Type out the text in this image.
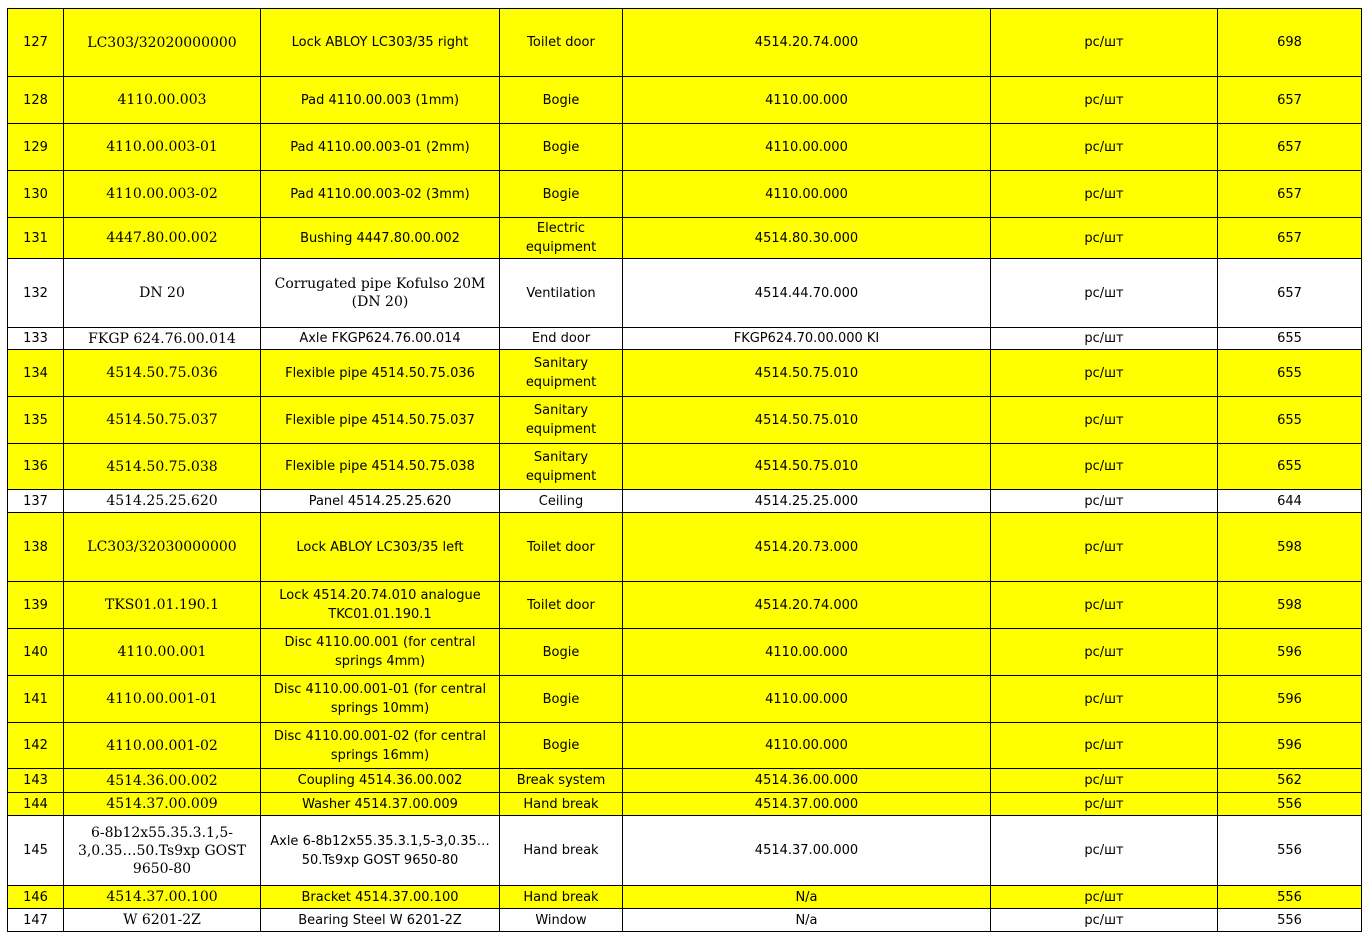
127	LC303/32020000000	Lock ABLOY LC303/35 right	Toilet door	4514.20.74.000	pc/шт	698
128	4110.00.003	Pad 4110.00.003 (1mm)	Bogie	4110.00.000	pc/шт	657
129	4110.00.003-01	Pad 4110.00.003-01 (2mm)	Bogie	4110.00.000	pc/шт	657
130	4110.00.003-02	Pad 4110.00.003-02 (3mm)	Bogie	4110.00.000	pc/шт	657
131	4447.80.00.002	Bushing 4447.80.00.002	Electric equipment	4514.80.30.000	pc/шт	657
132	DN 20	Corrugated pipe Kofulso 20M (DN 20)	Ventilation	4514.44.70.000	pc/шт	657
133	FKGP 624.76.00.014	Axle FKGP624.76.00.014	End door	FKGP624.70.00.000 KI	pc/шт	655
134	4514.50.75.036	Flexible pipe 4514.50.75.036	Sanitary equipment	4514.50.75.010	pc/шт	655
135	4514.50.75.037	Flexible pipe 4514.50.75.037	Sanitary equipment	4514.50.75.010	pc/шт	655
136	4514.50.75.038	Flexible pipe 4514.50.75.038	Sanitary equipment	4514.50.75.010	pc/шт	655
137	4514.25.25.620	Panel 4514.25.25.620	Ceiling	4514.25.25.000	pc/шт	644
138	LC303/32030000000	Lock ABLOY LC303/35 left	Toilet door	4514.20.73.000	pc/шт	598
139	TKS01.01.190.1	Lock 4514.20.74.010 analogue TKC01.01.190.1	Toilet door	4514.20.74.000	pc/шт	598
140	4110.00.001	Disc 4110.00.001 (for central springs 4mm)	Bogie	4110.00.000	pc/шт	596
141	4110.00.001-01	Disc 4110.00.001-01 (for central springs 10mm)	Bogie	4110.00.000	pc/шт	596
142	4110.00.001-02	Disc 4110.00.001-02 (for central springs 16mm)	Bogie	4110.00.000	pc/шт	596
143	4514.36.00.002	Coupling 4514.36.00.002	Break system	4514.36.00.000	pc/шт	562
144	4514.37.00.009	Washer 4514.37.00.009	Hand break	4514.37.00.000	pc/шт	556
145	6-8b12x55.35.3.1,5-3,0.35…50.Ts9xp GOST 9650-80	Axle 6-8b12x55.35.3.1,5-3,0.35…50.Ts9xp GOST 9650-80	Hand break	4514.37.00.000	pc/шт	556
146	4514.37.00.100	Bracket 4514.37.00.100	Hand break	N/a	pc/шт	556
147	W 6201-2Z	Bearing Steel W 6201-2Z	Window	N/a	pc/шт	556
